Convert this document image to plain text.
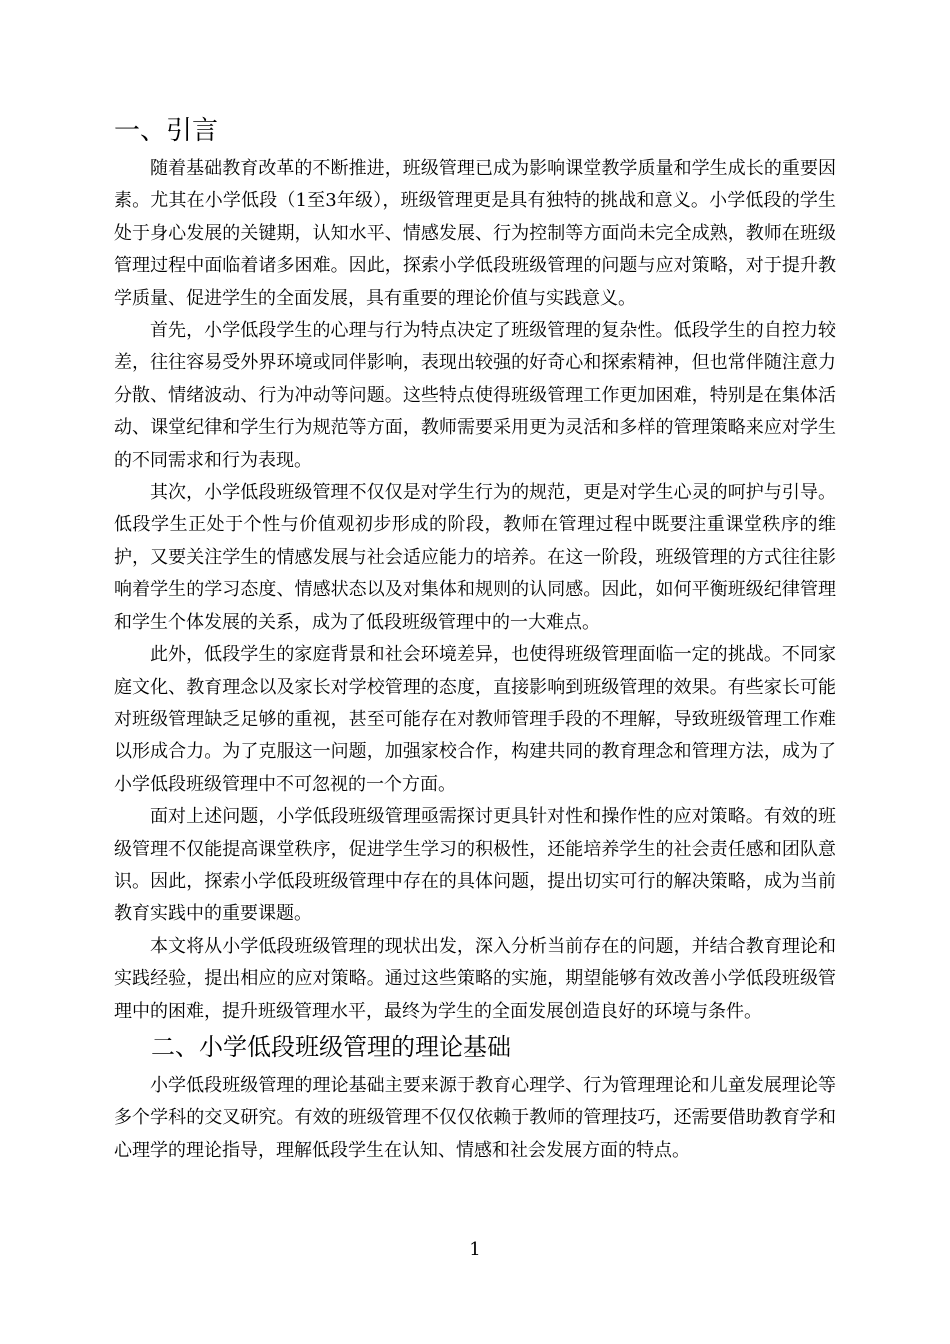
一、引言

随着基础教育改革的不断推进，班级管理已成为影响课堂教学质量和学生成长的重要因素。尤其在小学低段（1至3年级），班级管理更是具有独特的挑战和意义。小学低段的学生处于身心发展的关键期，认知水平、情感发展、行为控制等方面尚未完全成熟，教师在班级管理过程中面临着诸多困难。因此，探索小学低段班级管理的问题与应对策略，对于提升教学质量、促进学生的全面发展，具有重要的理论价值与实践意义。

首先，小学低段学生的心理与行为特点决定了班级管理的复杂性。低段学生的自控力较差，往往容易受外界环境或同伴影响，表现出较强的好奇心和探索精神，但也常伴随注意力分散、情绪波动、行为冲动等问题。这些特点使得班级管理工作更加困难，特别是在集体活动、课堂纪律和学生行为规范等方面，教师需要采用更为灵活和多样的管理策略来应对学生的不同需求和行为表现。

其次，小学低段班级管理不仅仅是对学生行为的规范，更是对学生心灵的呵护与引导。低段学生正处于个性与价值观初步形成的阶段，教师在管理过程中既要注重课堂秩序的维护，又要关注学生的情感发展与社会适应能力的培养。在这一阶段，班级管理的方式往往影响着学生的学习态度、情感状态以及对集体和规则的认同感。因此，如何平衡班级纪律管理和学生个体发展的关系，成为了低段班级管理中的一大难点。

此外，低段学生的家庭背景和社会环境差异，也使得班级管理面临一定的挑战。不同家庭文化、教育理念以及家长对学校管理的态度，直接影响到班级管理的效果。有些家长可能对班级管理缺乏足够的重视，甚至可能存在对教师管理手段的不理解，导致班级管理工作难以形成合力。为了克服这一问题，加强家校合作，构建共同的教育理念和管理方法，成为了小学低段班级管理中不可忽视的一个方面。

面对上述问题，小学低段班级管理亟需探讨更具针对性和操作性的应对策略。有效的班级管理不仅能提高课堂秩序，促进学生学习的积极性，还能培养学生的社会责任感和团队意识。因此，探索小学低段班级管理中存在的具体问题，提出切实可行的解决策略，成为当前教育实践中的重要课题。

本文将从小学低段班级管理的现状出发，深入分析当前存在的问题，并结合教育理论和实践经验，提出相应的应对策略。通过这些策略的实施，期望能够有效改善小学低段班级管理中的困难，提升班级管理水平，最终为学生的全面发展创造良好的环境与条件。

二、小学低段班级管理的理论基础

小学低段班级管理的理论基础主要来源于教育心理学、行为管理理论和儿童发展理论等多个学科的交叉研究。有效的班级管理不仅仅依赖于教师的管理技巧，还需要借助教育学和心理学的理论指导，理解低段学生在认知、情感和社会发展方面的特点。

1
